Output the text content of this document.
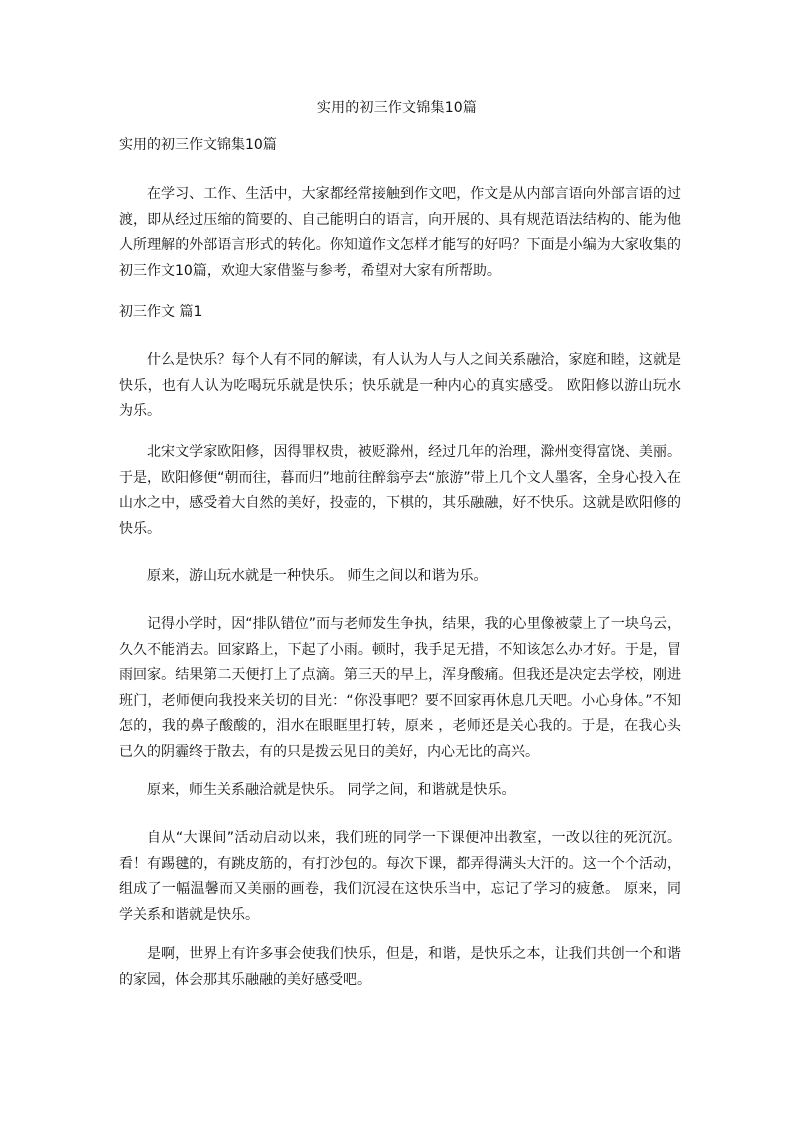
实用的初三作文锦集10篇

实用的初三作文锦集10篇

在学习、工作、生活中，大家都经常接触到作文吧，作文是从内部言语向外部言语的过渡，即从经过压缩的简要的、自己能明白的语言，向开展的、具有规范语法结构的、能为他人所理解的外部语言形式的转化。你知道作文怎样才能写的好吗？下面是小编为大家收集的初三作文10篇，欢迎大家借鉴与参考，希望对大家有所帮助。

初三作文 篇1

什么是快乐？每个人有不同的解读，有人认为人与人之间关系融洽，家庭和睦，这就是快乐，也有人认为吃喝玩乐就是快乐；快乐就是一种内心的真实感受。 欧阳修以游山玩水为乐。

北宋文学家欧阳修，因得罪权贵，被贬滁州，经过几年的治理，滁州变得富饶、美丽。于是，欧阳修便“朝而往，暮而归”地前往醉翁亭去“旅游”带上几个文人墨客，全身心投入在山水之中，感受着大自然的美好，投壶的，下棋的，其乐融融，好不快乐。这就是欧阳修的快乐。

原来，游山玩水就是一种快乐。 师生之间以和谐为乐。

记得小学时，因“排队错位”而与老师发生争执，结果，我的心里像被蒙上了一块乌云，久久不能消去。回家路上，下起了小雨。顿时，我手足无措，不知该怎么办才好。于是，冒雨回家。结果第二天便打上了点滴。第三天的早上，浑身酸痛。但我还是决定去学校，刚进班门，老师便向我投来关切的目光：“你没事吧？要不回家再休息几天吧。小心身体。”不知怎的，我的鼻子酸酸的，泪水在眼眶里打转，原来 ，老师还是关心我的。于是，在我心头已久的阴霾终于散去，有的只是拨云见日的美好，内心无比的高兴。

原来，师生关系融洽就是快乐。 同学之间，和谐就是快乐。

自从“大课间”活动启动以来，我们班的同学一下课便冲出教室，一改以往的死沉沉。看！有踢毽的，有跳皮筋的，有打沙包的。每次下课，都弄得满头大汗的。这一个个活动，组成了一幅温馨而又美丽的画卷，我们沉浸在这快乐当中，忘记了学习的疲惫。 原来，同学关系和谐就是快乐。

是啊，世界上有许多事会使我们快乐，但是，和谐，是快乐之本，让我们共创一个和谐的家园，体会那其乐融融的美好感受吧。
